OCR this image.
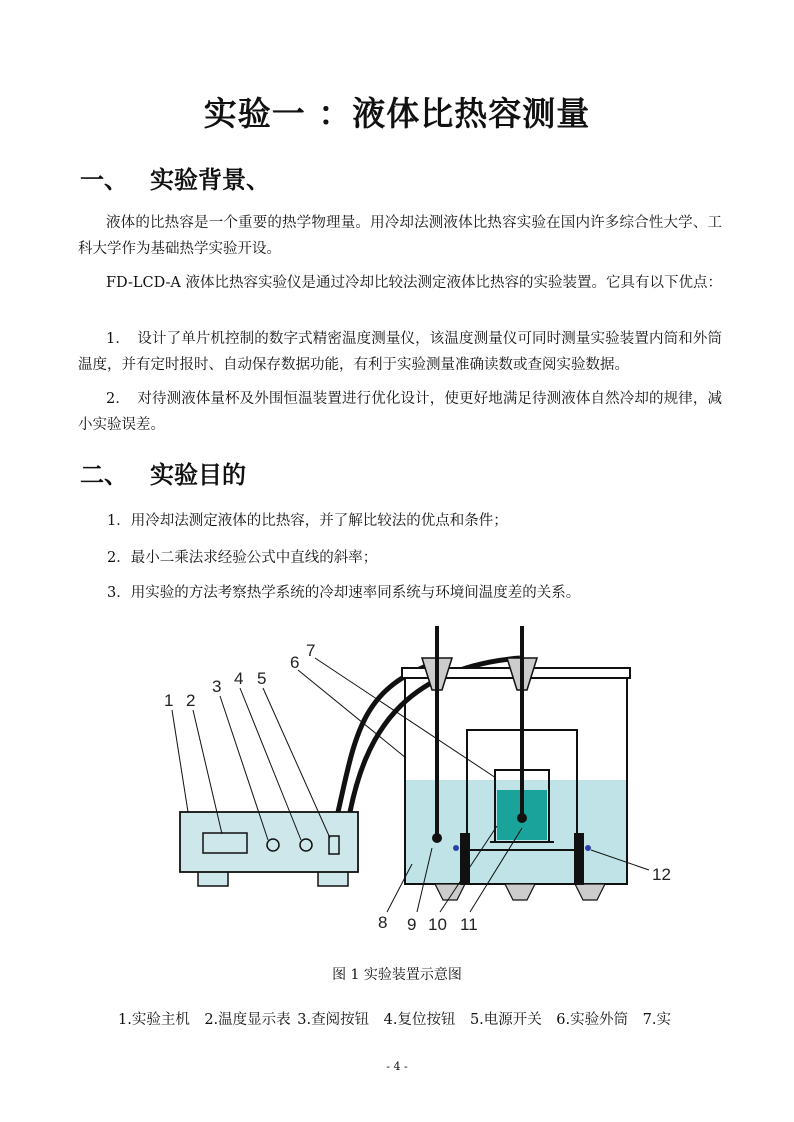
实验一 ：液体比热容测量
一、 实验背景、
液体的比热容是一个重要的热学物理量。用冷却法测液体比热容实验在国内许多综合性大学、工科大学作为基础热学实验开设。
FD-LCD-A 液体比热容实验仪是通过冷却比较法测定液体比热容的实验装置。它具有以下优点：
1．　设计了单片机控制的数字式精密温度测量仪，该温度测量仪可同时测量实验装置内筒和外筒温度，并有定时报时、自动保存数据功能，有利于实验测量准确读数或查阅实验数据。
2．　对待测液体量杯及外围恒温装置进行优化设计，使更好地满足待测液体自然冷却的规律，减小实验误差。
二、 实验目的
1．用冷却法测定液体的比热容，并了解比较法的优点和条件；
2．最小二乘法求经验公式中直线的斜率；
3．用实验的方法考察热学系统的冷却速率同系统与环境间温度差的关系。
1 2
3 4 5
6
7
8 9 10 11
12
图 1 实验装置示意图
1.实验主机　2.温度显示表 3.查阅按钮　4.复位按钮　5.电源开关　6.实验外筒　7.实
- 4 -
